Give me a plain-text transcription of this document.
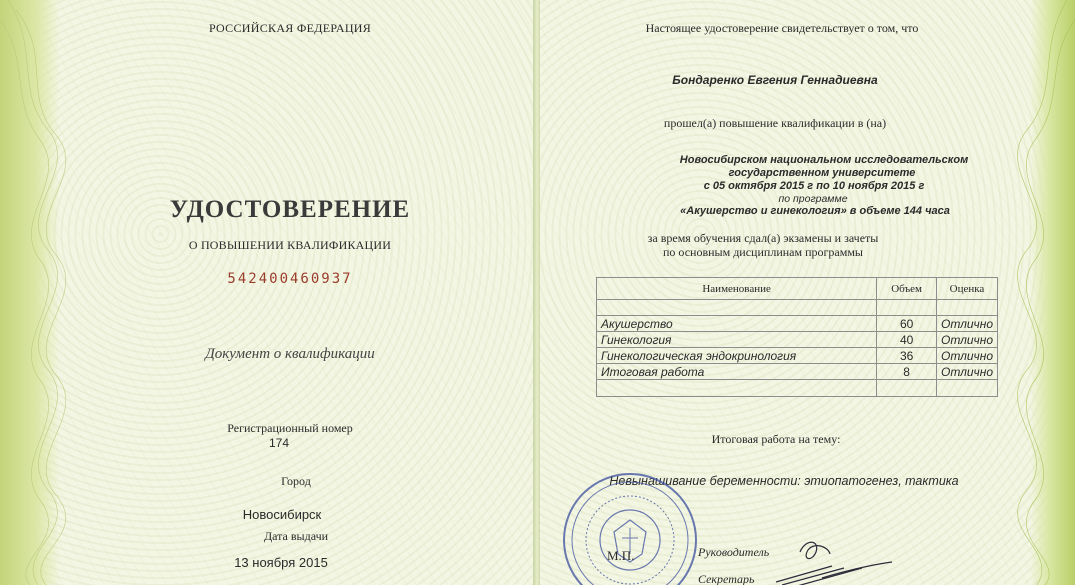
РОССИЙСКАЯ ФЕДЕРАЦИЯ
УДОСТОВЕРЕНИЕ
О ПОВЫШЕНИИ КВАЛИФИКАЦИИ
542400460937
Документ о квалификации
Регистрационный номер
174
Город
Новосибирск
Дата выдачи
13 ноября 2015
Настоящее удостоверение свидетельствует о том, что
Бондаренко Евгения Геннадиевна
прошел(а) повышение квалификации в (на)
Новосибирском национальном исследовательском
государственном университете
с 05 октября 2015 г по 10 ноября 2015 г
по программе
«Акушерство и гинекология» в объеме 144 часа
за время обучения сдал(а) экзамены и зачеты
по основным дисциплинам программы
Наименование	Объем	Оценка

Акушерство	60	Отлично
Гинекология	40	Отлично
Гинекологическая эндокринология	36	Отлично
Итоговая работа	8	Отлично

Итоговая работа на тему:
Невынашивание беременности: этиопатогенез, тактика
М.П.	Руководитель
Секретарь
